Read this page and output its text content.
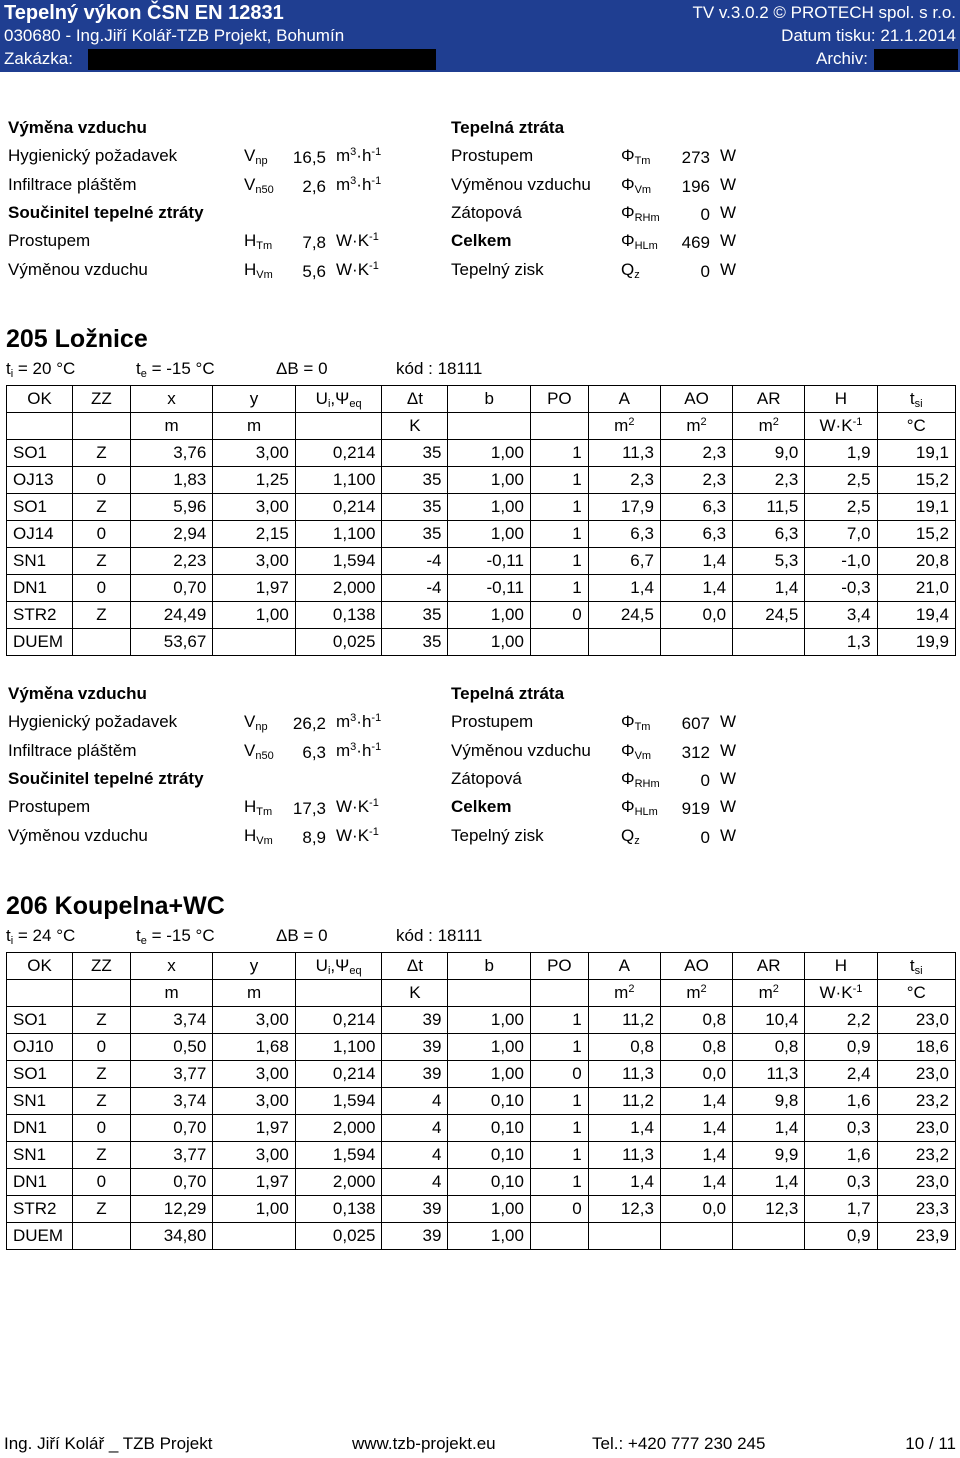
Tepelný výkon ČSN EN 12831	TV v.3.0.2 © PROTECH spol. s r.o.
030680 - Ing.Jiří Kolář-TZB Projekt, Bohumín	Datum tisku: 21.1.2014
Zakázka:	Archiv:
Výměna vzduchu	Tepelná ztráta
Hygienický požadavek	$V_{np}$	16,5 $m^3\cdot h^{-1}$	Prostupem	$\Phi_{Tm}$	273 W
Infiltrace pláštěm	$V_{n50}$	2,6 $m^3\cdot h^{-1}$	Výměnou vzduchu $\Phi_{Vm}$	196 W
Součinitel tepelné ztráty	Zátopová	$\Phi_{RHm}$	0 W
Prostupem	$H_{Tm}$	7,8 $W\cdot K^{-1}$	Celkem	$\Phi_{HLm}$	469 W
Výměnou vzduchu	$H_{Vm}$	5,6 $W\cdot K^{-1}$	Tepelný zisk	$Q_z$	0 W
205 Ložnice
$t_i = 20$ °C	$t_e = -15$ °C	ΔB = 0	kód : 18111
OK	ZZ	x	y	$U_i,\Psi_{eq}$	Δt	b	PO	A	AO	AR	H	$t_{si}$
		m	m		K			$m^2$	$m^2$	$m^2$	$W\cdot K^{-1}$	°C
SO1	Z	3,76	3,00	0,214	35	1,00	1	11,3	2,3	9,0	1,9	19,1
OJ13	0	1,83	1,25	1,100	35	1,00	1	2,3	2,3	2,3	2,5	15,2
SO1	Z	5,96	3,00	0,214	35	1,00	1	17,9	6,3	11,5	2,5	19,1
OJ14	0	2,94	2,15	1,100	35	1,00	1	6,3	6,3	6,3	7,0	15,2
SN1	Z	2,23	3,00	1,594	-4	-0,11	1	6,7	1,4	5,3	-1,0	20,8
DN1	0	0,70	1,97	2,000	-4	-0,11	1	1,4	1,4	1,4	-0,3	21,0
STR2	Z	24,49	1,00	0,138	35	1,00	0	24,5	0,0	24,5	3,4	19,4
DUEM		53,67		0,025	35	1,00					1,3	19,9
Výměna vzduchu	Tepelná ztráta
Hygienický požadavek	$V_{np}$	26,2 $m^3\cdot h^{-1}$	Prostupem	$\Phi_{Tm}$	607 W
Infiltrace pláštěm	$V_{n50}$	6,3 $m^3\cdot h^{-1}$	Výměnou vzduchu $\Phi_{Vm}$	312 W
Součinitel tepelné ztráty	Zátopová	$\Phi_{RHm}$	0 W
Prostupem	$H_{Tm}$	17,3 $W\cdot K^{-1}$	Celkem	$\Phi_{HLm}$	919 W
Výměnou vzduchu	$H_{Vm}$	8,9 $W\cdot K^{-1}$	Tepelný zisk	$Q_z$	0 W
206 Koupelna+WC
$t_i = 24$ °C	$t_e = -15$ °C	ΔB = 0	kód : 18111
OK	ZZ	x	y	$U_i,\Psi_{eq}$	Δt	b	PO	A	AO	AR	H	$t_{si}$
		m	m		K			$m^2$	$m^2$	$m^2$	$W\cdot K^{-1}$	°C
SO1	Z	3,74	3,00	0,214	39	1,00	1	11,2	0,8	10,4	2,2	23,0
OJ10	0	0,50	1,68	1,100	39	1,00	1	0,8	0,8	0,8	0,9	18,6
SO1	Z	3,77	3,00	0,214	39	1,00	0	11,3	0,0	11,3	2,4	23,0
SN1	Z	3,74	3,00	1,594	4	0,10	1	11,2	1,4	9,8	1,6	23,2
DN1	0	0,70	1,97	2,000	4	0,10	1	1,4	1,4	1,4	0,3	23,0
SN1	Z	3,77	3,00	1,594	4	0,10	1	11,3	1,4	9,9	1,6	23,2
DN1	0	0,70	1,97	2,000	4	0,10	1	1,4	1,4	1,4	0,3	23,0
STR2	Z	12,29	1,00	0,138	39	1,00	0	12,3	0,0	12,3	1,7	23,3
DUEM		34,80		0,025	39	1,00					0,9	23,9
Ing. Jiří Kolář _ TZB Projekt	www.tzb-projekt.eu	Tel.: +420 777 230 245	10 / 11
